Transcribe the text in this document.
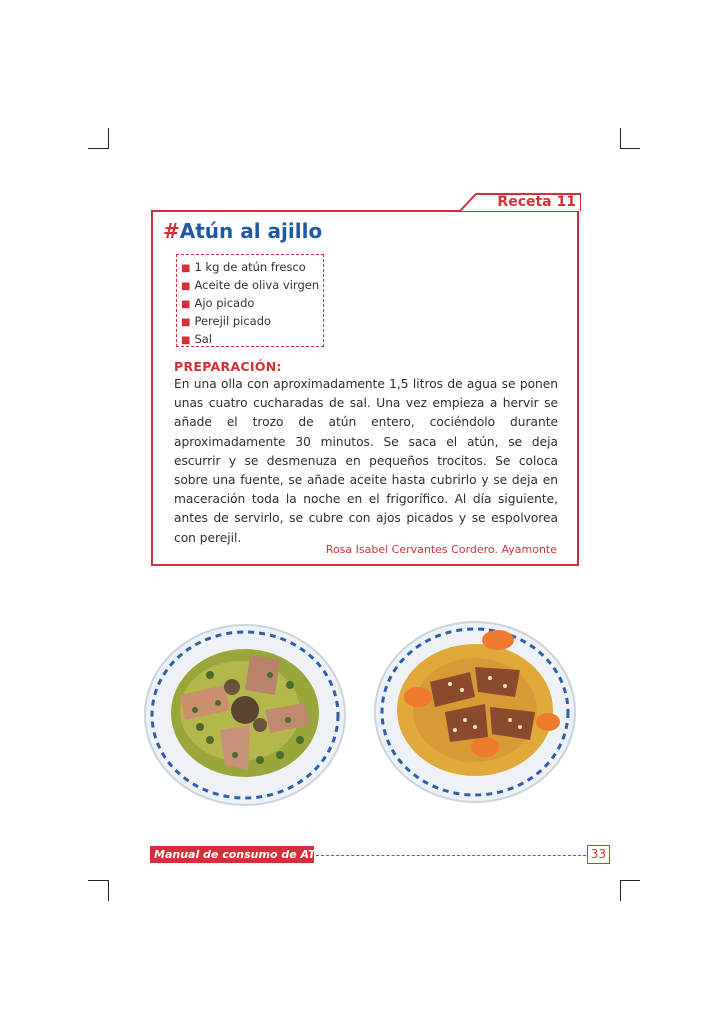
Receta 11
#Atún al ajillo
■ 1 kg de atún fresco
■ Aceite de oliva virgen
■ Ajo picado
■ Perejil picado
■ Sal
PREPARACIÓN:
En una olla con aproximadamente 1,5 litros de agua se ponen unas cuatro cucharadas de sal. Una vez empieza a hervir se añade el trozo de atún entero, cociéndolo durante aproximadamente 30 minutos. Se saca el atún, se deja escurrir y se desmenuza en pequeños trocitos. Se coloca sobre una fuente, se añade aceite hasta cubrirlo y se deja en maceración toda la noche en el frigorífico. Al día siguiente, antes de servirlo, se cubre con ajos picados y se espolvorea con perejil.
Rosa Isabel Cervantes Cordero. Ayamonte
Manual de consumo de ATÚN	33
